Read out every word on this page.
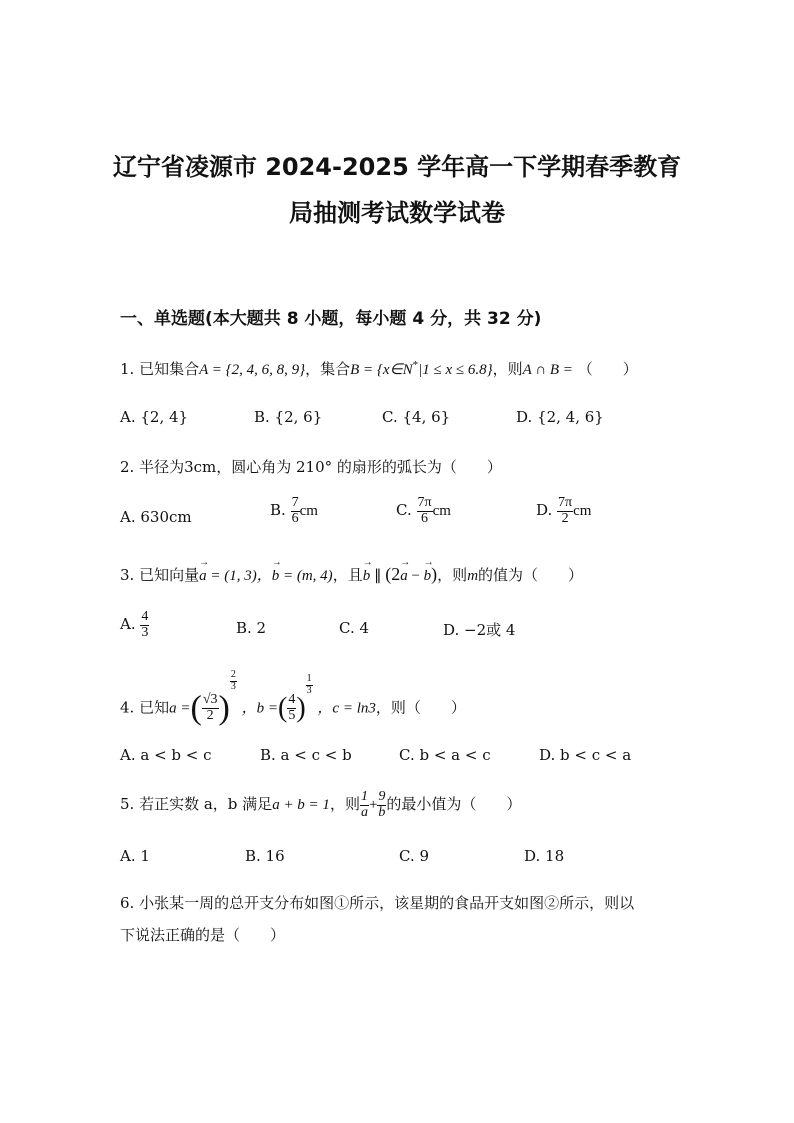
辽宁省凌源市 2024-2025 学年高一下学期春季教育
局抽测考试数学试卷
一、单选题(本大题共 8 小题，每小题 4 分，共 32 分)
1. 已知集合A = {2, 4, 6, 8, 9}，集合B = {x∈N*|1 ≤ x ≤ 6.8}，则A ∩ B = （　　）
A. {2, 4}	B. {2, 6}	C. {4, 6}	D. {2, 4, 6}
2. 半径为3cm，圆心角为 210° 的扇形的弧长为（　　）
A. 630cm	B. $\frac{7}{6}$ cm	C. $\frac{7\pi}{6}$ cm	D. $\frac{7\pi}{2}$ cm
3. 已知向量→ a = (1, 3)，→ b = (m, 4)，且→ b ∥ (2→ a − → b)，则m的值为（　　）
A. $\frac{4}{3}$	B. 2	C. 4	D. −2或 4
4. 已知a =( $\frac{√3}{2}$ )
$\frac{2}{3}$
，b =( $\frac{4}{5}$ )
$\frac{1}{3}$
，c = ln3，则（　　）
A. a < b < c	B. a < c < b	C. b < a < c	D. b < c < a
5. 若正实数 a，b 满足a + b = 1，则 $\frac{1}{a} + \frac{9}{b}$ 的最小值为（　　）
A. 1	B. 16	C. 9	D. 18
6. 小张某一周的总开支分布如图①所示，该星期的食品开支如图②所示，则以
下说法正确的是（　　）
